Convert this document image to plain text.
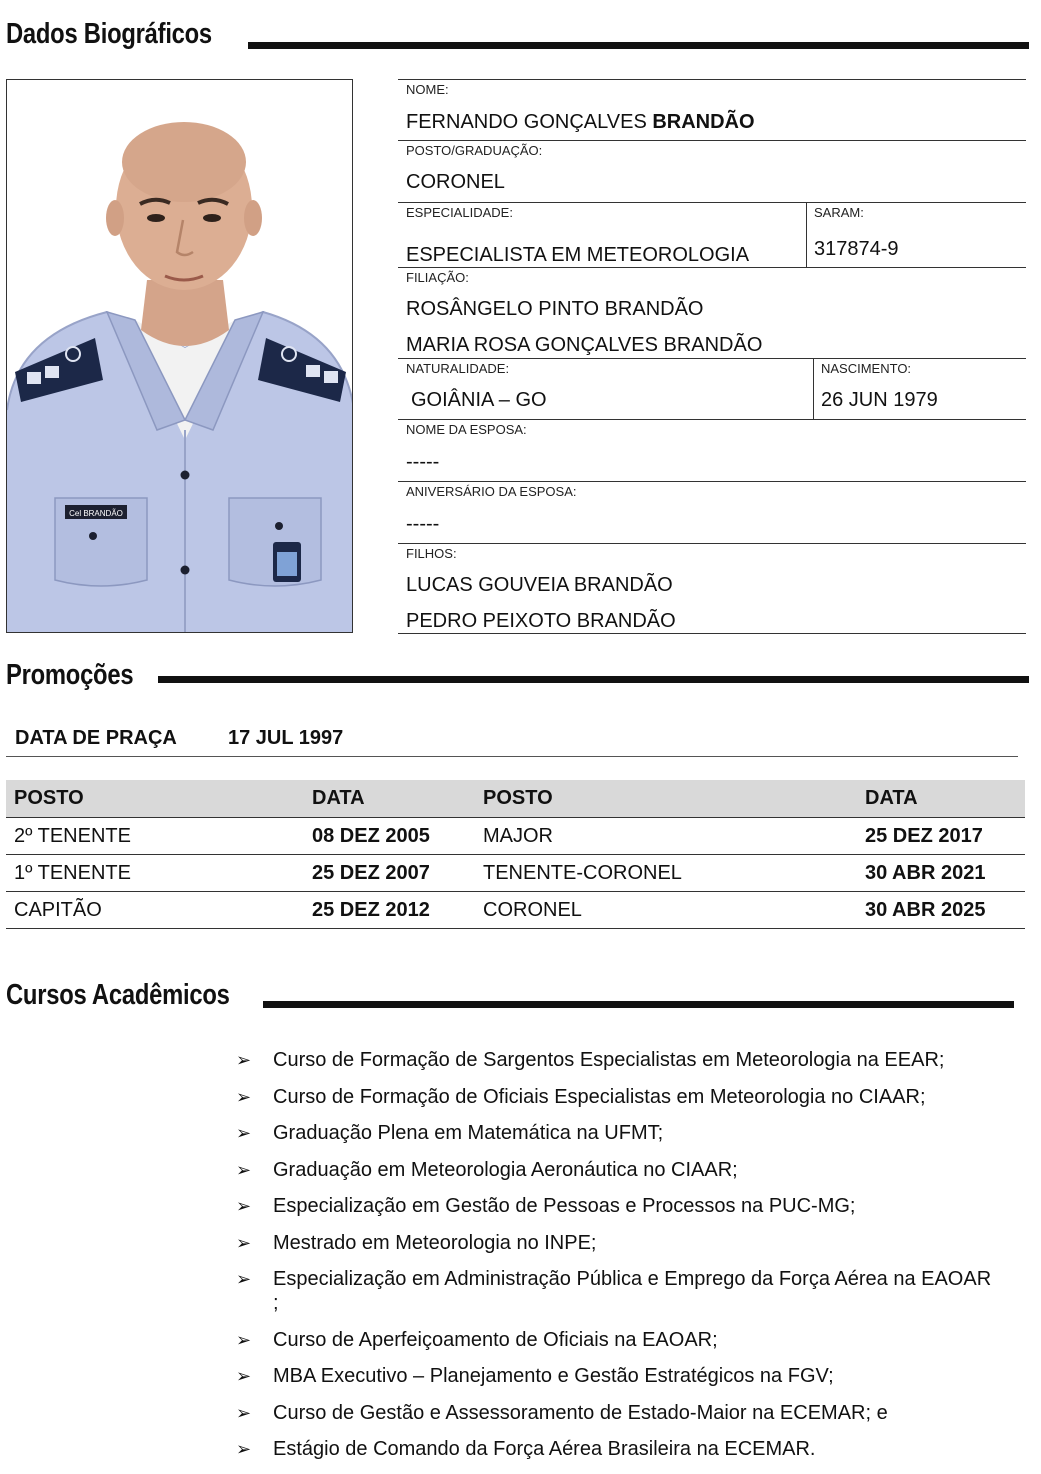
Dados Biográficos
Cel BRANDÃO
NOME:
FERNANDO GONÇALVES BRANDÃO
POSTO/GRADUAÇÃO:
CORONEL
ESPECIALIDADE:
ESPECIALISTA EM METEOROLOGIA
SARAM:
317874-9
FILIAÇÃO:
ROSÂNGELO PINTO BRANDÃO
MARIA ROSA GONÇALVES BRANDÃO
NATURALIDADE:
GOIÂNIA – GO
NASCIMENTO:
26 JUN 1979
NOME DA ESPOSA:
-----
ANIVERSÁRIO DA ESPOSA:
-----
FILHOS:
LUCAS GOUVEIA BRANDÃO
PEDRO PEIXOTO BRANDÃO
Promoções
DATA DE PRAÇA	17 JUL 1997
POSTO	DATA	POSTO	DATA
2º TENENTE	08 DEZ 2005	MAJOR	25 DEZ 2017
1º TENENTE	25 DEZ 2007	TENENTE-CORONEL	30 ABR 2021
CAPITÃO	25 DEZ 2012	CORONEL	30 ABR 2025
Cursos Acadêmicos
➢ Curso de Formação de Sargentos Especialistas em Meteorologia na EEAR;
➢ Curso de Formação de Oficiais Especialistas em Meteorologia no CIAAR;
➢ Graduação Plena em Matemática na UFMT;
➢ Graduação em Meteorologia Aeronáutica no CIAAR;
➢ Especialização em Gestão de Pessoas e Processos na PUC-MG;
➢ Mestrado em Meteorologia no INPE;
➢ Especialização em Administração Pública e Emprego da Força Aérea na EAOAR ;
➢ Curso de Aperfeiçoamento de Oficiais na EAOAR;
➢ MBA Executivo – Planejamento e Gestão Estratégicos na FGV;
➢ Curso de Gestão e Assessoramento de Estado-Maior na ECEMAR; e
➢ Estágio de Comando da Força Aérea Brasileira na ECEMAR.
